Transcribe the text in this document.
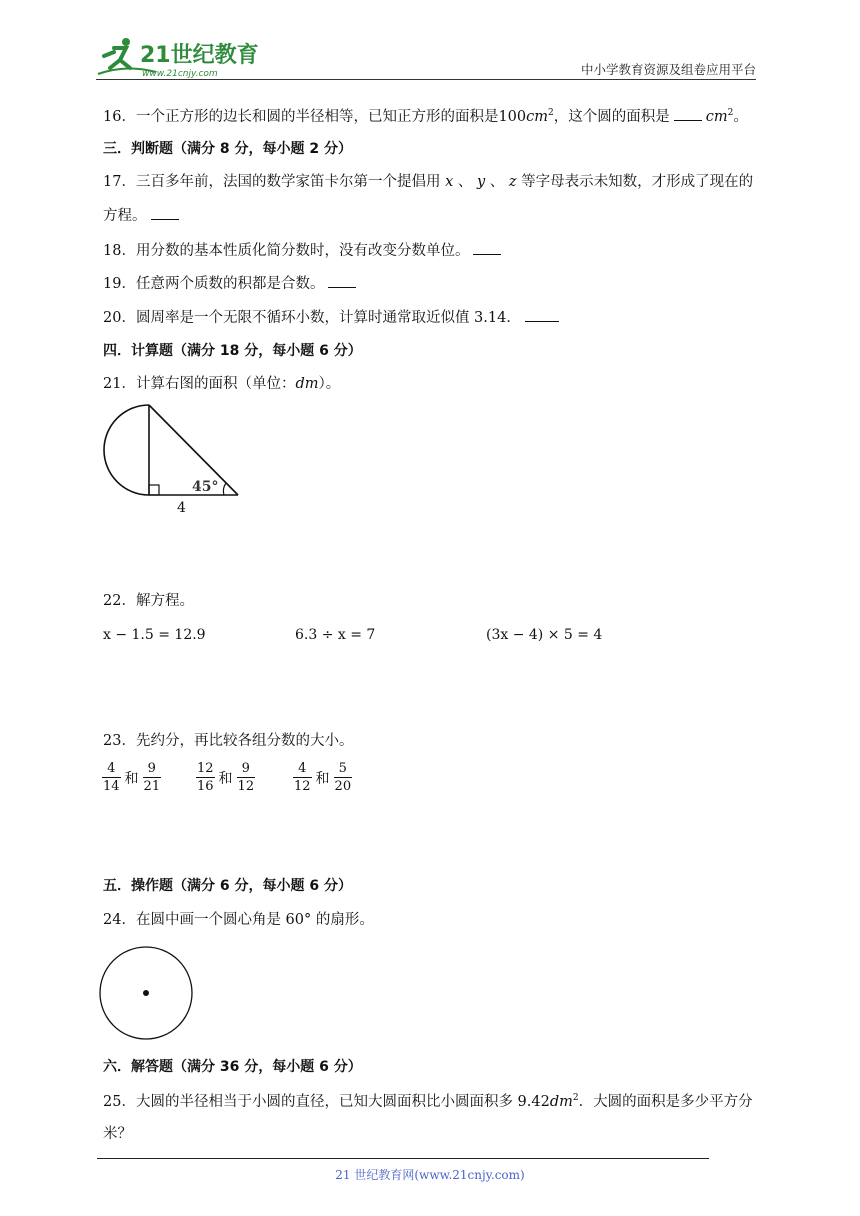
21世纪教育
www.21cnjy.com	中小学教育资源及组卷应用平台
16．一个正方形的边长和圆的半径相等，已知正方形的面积是$100cm^2$，这个圆的面积是 $cm^2$。
三．判断题（满分 8 分，每小题 2 分）
17．三百多年前，法国的数学家笛卡尔第一个提倡用 x 、 y 、 z 等字母表示未知数，才形成了现在的
方程。
18．用分数的基本性质化简分数时，没有改变分数单位。
19．任意两个质数的积都是合数。
20．圆周率是一个无限不循环小数，计算时通常取近似值 3.14．
四．计算题（满分 18 分，每小题 6 分）
21．计算右图的面积（单位：dm）。
45°
4
22．解方程。
x − 1.5 = 12.9	6.3 ÷ x = 7	(3x − 4) × 5 = 4
23．先约分，再比较各组分数的大小。
$\frac{4}{14}$ 和 $\frac{9}{21}$	$\frac{12}{16}$ 和 $\frac{9}{12}$	$\frac{4}{12}$ 和 $\frac{5}{20}$
五．操作题（满分 6 分，每小题 6 分）
24．在圆中画一个圆心角是 60° 的扇形。
六．解答题（满分 36 分，每小题 6 分）
25．大圆的半径相当于小圆的直径，已知大圆面积比小圆面积多 $9.42dm^2$．大圆的面积是多少平方分
米？
21 世纪教育网(www.21cnjy.com)
